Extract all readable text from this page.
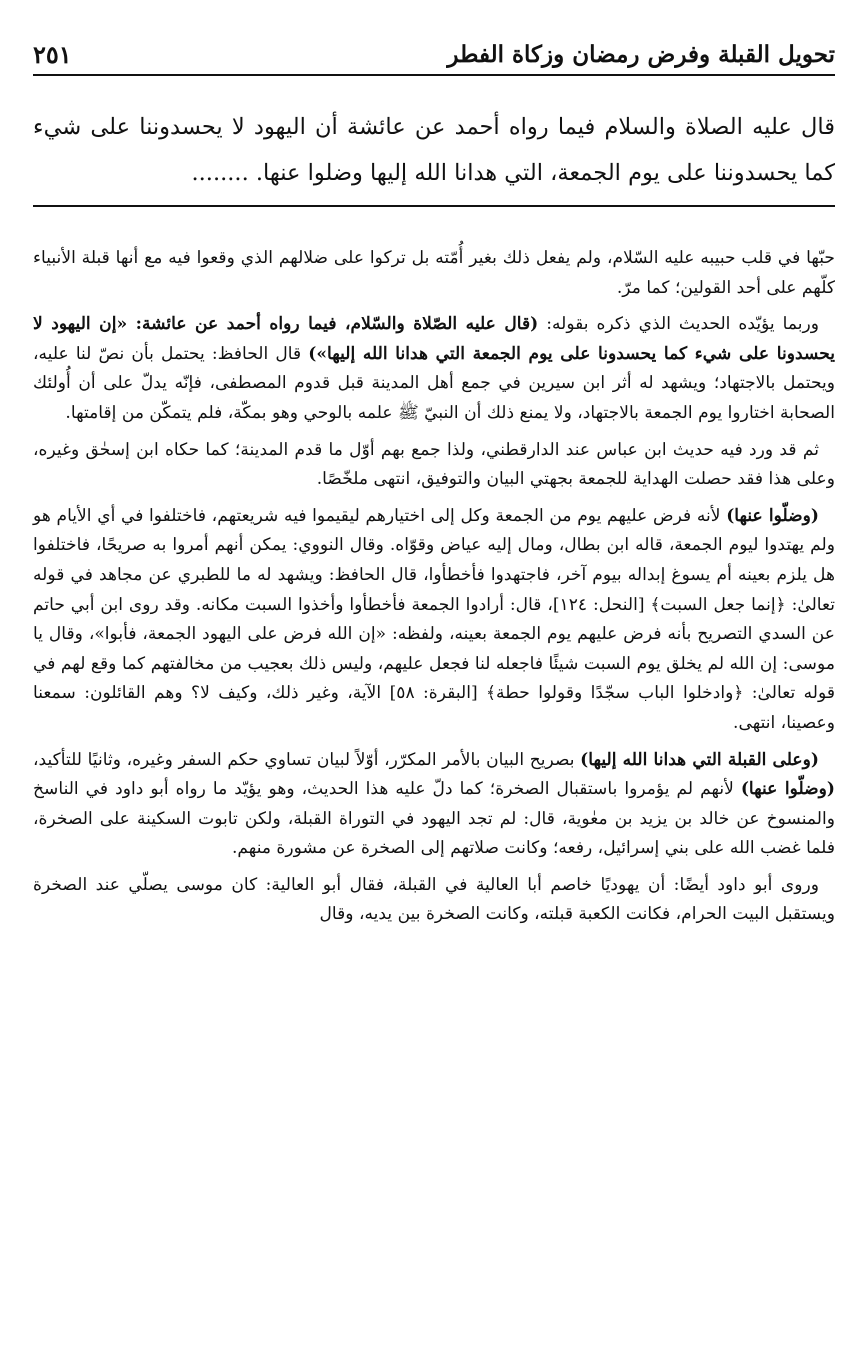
تحويل القبلة وفرض رمضان وزكاة الفطر
٢٥١

قال عليه الصلاة والسلام فيما رواه أحمد عن عائشة أن اليهود لا يحسدوننا على شيء كما يحسدوننا على يوم الجمعة، التي هدانا الله إليها وضلوا عنها. ........

حبّها في قلب حبيبه عليه السّلام، ولم يفعل ذلك بغير أُمّته بل تركوا على ضلالهم الذي وقعوا فيه مع أنها قبلة الأنبياء كلّهم على أحد القولين؛ كما مرّ.

وربما يؤيّده الحديث الذي ذكره بقوله: (قال عليه الصّلاة والسّلام، فيما رواه أحمد عن عائشة: «إن اليهود لا يحسدونا على شيء كما يحسدونا على يوم الجمعة التي هدانا الله إليها») قال الحافظ: يحتمل بأن نصّ لنا عليه، ويحتمل بالاجتهاد؛ ويشهد له أثر ابن سيرين في جمع أهل المدينة قبل قدوم المصطفى، فإنّه يدلّ على أن أُولئك الصحابة اختاروا يوم الجمعة بالاجتهاد، ولا يمنع ذلك أن النبيّ ﷺ علمه بالوحي وهو بمكّة، فلم يتمكّن من إقامتها.

ثم قد ورد فيه حديث ابن عباس عند الدارقطني، ولذا جمع بهم أوّل ما قدم المدينة؛ كما حكاه ابن إسحٰق وغيره، وعلى هذا فقد حصلت الهداية للجمعة بجهتي البيان والتوفيق، انتهى ملخّصًا.

(وضلّوا عنها) لأنه فرض عليهم يوم من الجمعة وكل إلى اختيارهم ليقيموا فيه شريعتهم، فاختلفوا في أي الأيام هو ولم يهتدوا ليوم الجمعة، قاله ابن بطال، ومال إليه عياض وقوّاه. وقال النووي: يمكن أنهم أمروا به صريحًا، فاختلفوا هل يلزم بعينه أم يسوغ إبداله بيوم آخر، فاجتهدوا فأخطأوا، قال الحافظ: ويشهد له ما للطبري عن مجاهد في قوله تعالىٰ: ﴿إنما جعل السبت﴾ [النحل: ١٢٤]، قال: أرادوا الجمعة فأخطأوا وأخذوا السبت مكانه. وقد روى ابن أبي حاتم عن السدي التصريح بأنه فرض عليهم يوم الجمعة بعينه، ولفظه: «إن الله فرض على اليهود الجمعة، فأبوا»، وقال يا موسى: إن الله لم يخلق يوم السبت شيئًا فاجعله لنا فجعل عليهم، وليس ذلك بعجيب من مخالفتهم كما وقع لهم في قوله تعالىٰ: ﴿وادخلوا الباب سجّدًا وقولوا حطة﴾ [البقرة: ٥٨] الآية، وغير ذلك، وكيف لا؟ وهم القائلون: سمعنا وعصينا، انتهى.

(وعلى القبلة التي هدانا الله إليها) بصريح البيان بالأمر المكرّر، أوّلاً لبيان تساوي حكم السفر وغيره، وثانيًا للتأكيد، (وضلّوا عنها) لأنهم لم يؤمروا باستقبال الصخرة؛ كما دلّ عليه هذا الحديث، وهو يؤيّد ما رواه أبو داود في الناسخ والمنسوخ عن خالد بن يزيد بن معٰوية، قال: لم تجد اليهود في التوراة القبلة، ولكن تابوت السكينة على الصخرة، فلما غضب الله على بني إسرائيل، رفعه؛ وكانت صلاتهم إلى الصخرة عن مشورة منهم.

وروى أبو داود أيضًا: أن يهوديًا خاصم أبا العالية في القبلة، فقال أبو العالية: كان موسى يصلّي عند الصخرة ويستقبل البيت الحرام، فكانت الكعبة قبلته، وكانت الصخرة بين يديه، وقال
